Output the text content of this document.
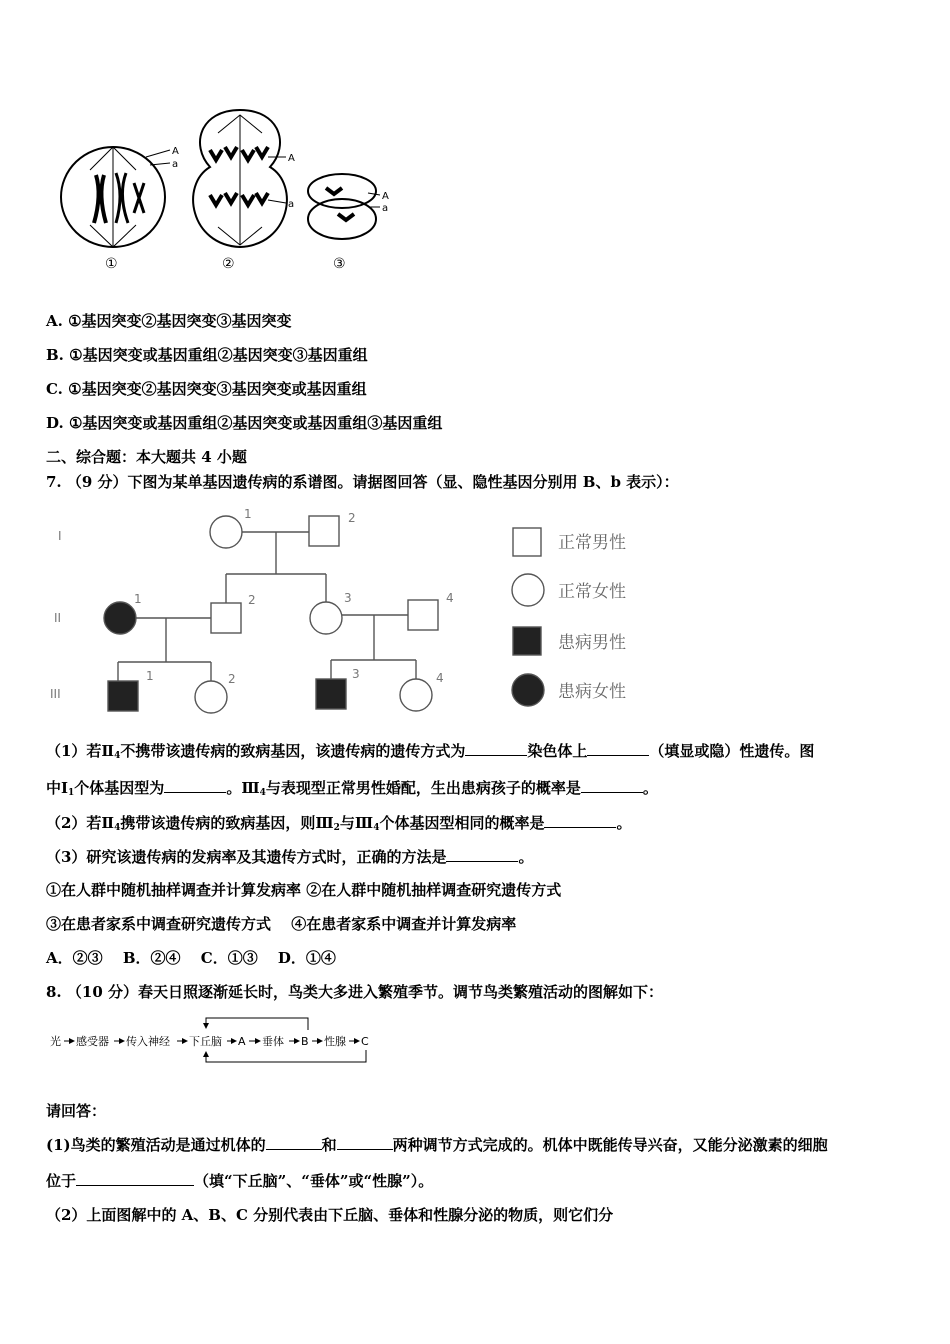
A
a
A
a
A
a
①	②	③
A. ①基因突变②基因突变③基因突变
B. ①基因突变或基因重组②基因突变③基因重组
C. ①基因突变②基因突变③基因突变或基因重组
D. ①基因突变或基因重组②基因突变或基因重组③基因重组
二、综合题：本大题共 4 小题
7. （9 分）下图为某单基因遗传病的系谱图。请据图回答（显、隐性基因分别用 B、b 表示）：
I
II
III
1	2
1	2	3	4
1	2	3	4
正常男性
正常女性
患病男性
患病女性
（1）若$Ⅱ_4$不携带该遗传病的致病基因，该遗传病的遗传方式为	染色体上	（填显或隐）性遗传。图
中$Ⅰ_1$个体基因型为	。$Ⅲ_4$与表现型正常男性婚配，生出患病孩子的概率是	。
（2）若$Ⅱ_4$携带该遗传病的致病基因，则$Ⅲ_2$与$Ⅲ_4$个体基因型相同的概率是	。
（3）研究该遗传病的发病率及其遗传方式时，正确的方法是	。
①在人群中随机抽样调查并计算发病率 ②在人群中随机抽样调查研究遗传方式
③在患者家系中调查研究遗传方式　 ④在患者家系中调查并计算发病率
A．②③　 B．②④　 C．①③　 D．①④
8. （10 分）春天日照逐渐延长时，鸟类大多进入繁殖季节。调节鸟类繁殖活动的图解如下：
光 感受器 传入神经 下丘脑 A 垂体 B 性腺 C
请回答：
(1)鸟类的繁殖活动是通过机体的	和	两种调节方式完成的。机体中既能传导兴奋，又能分泌激素的细胞
位于	（填“下丘脑”、“垂体”或“性腺”）。
（2）上面图解中的 A、B、C 分别代表由下丘脑、垂体和性腺分泌的物质，则它们分
